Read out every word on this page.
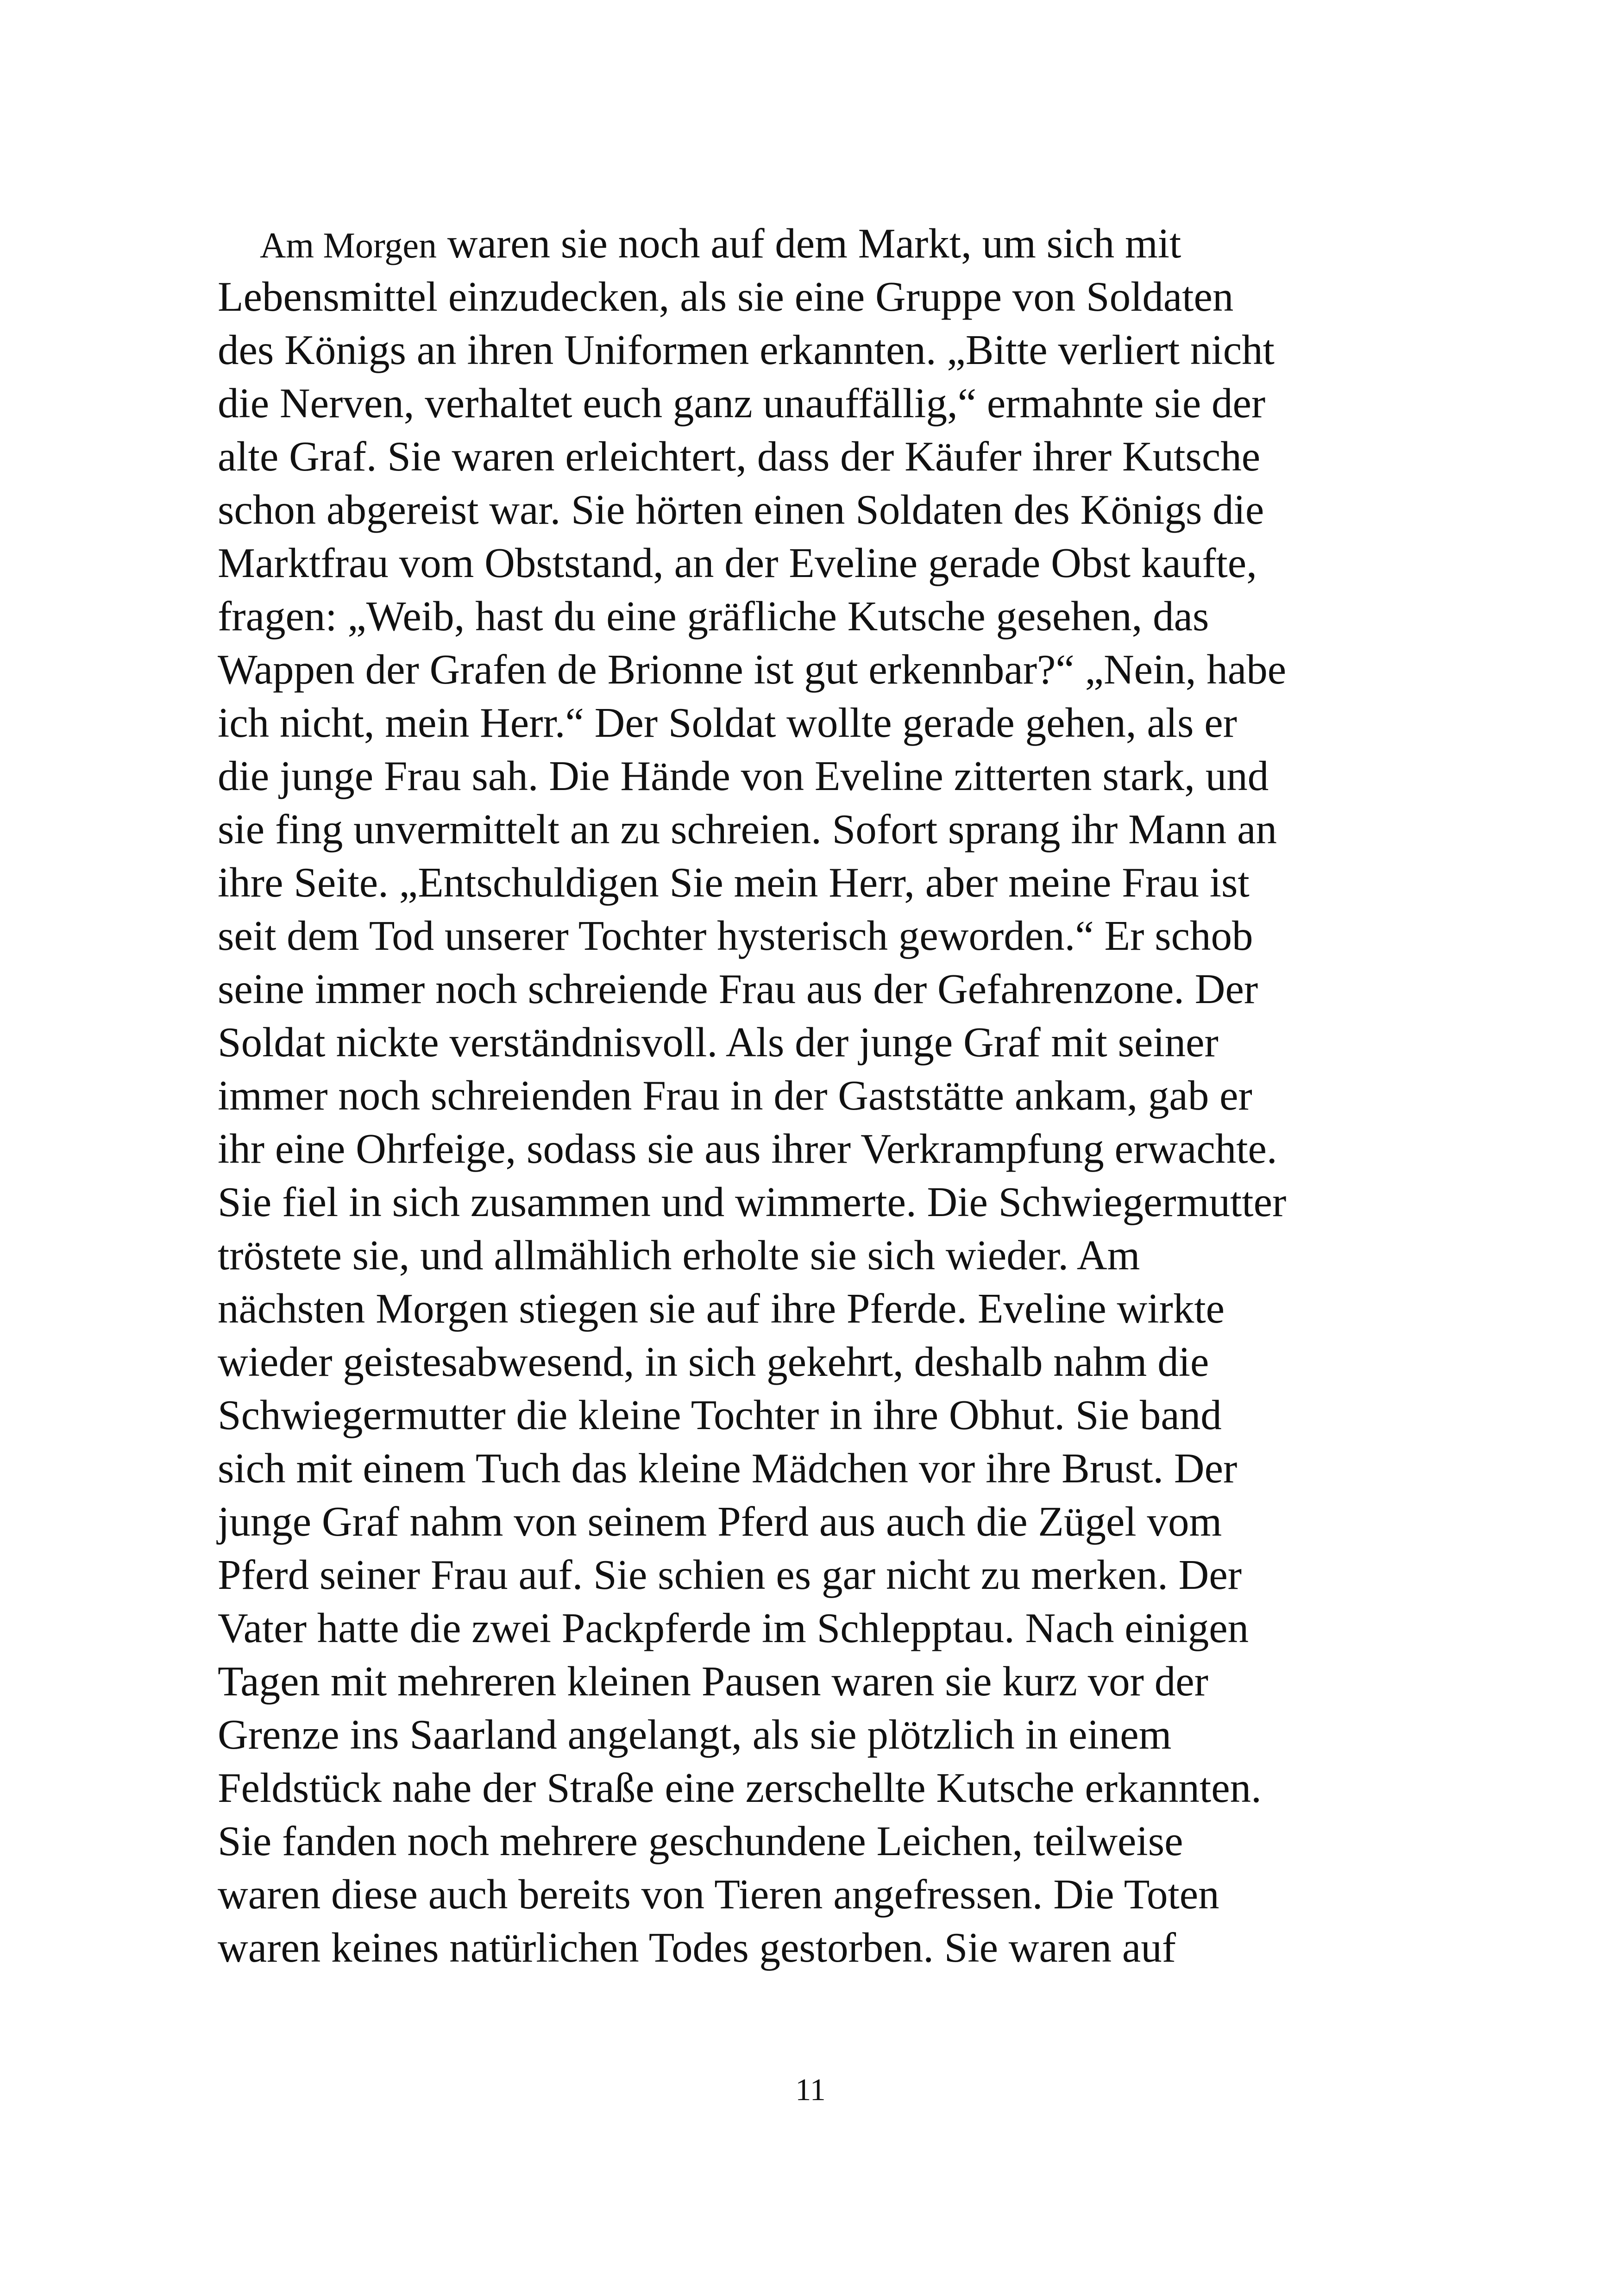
Am Morgen waren sie noch auf dem Markt, um sich mit
Lebensmittel einzudecken, als sie eine Gruppe von Soldaten
des Königs an ihren Uniformen erkannten. „Bitte verliert nicht
die Nerven, verhaltet euch ganz unauffällig,“ ermahnte sie der
alte Graf. Sie waren erleichtert, dass der Käufer ihrer Kutsche
schon abgereist war. Sie hörten einen Soldaten des Königs die
Marktfrau vom Obststand, an der Eveline gerade Obst kaufte,
fragen: „Weib, hast du eine gräfliche Kutsche gesehen, das
Wappen der Grafen de Brionne ist gut erkennbar?“ „Nein, habe
ich nicht, mein Herr.“ Der Soldat wollte gerade gehen, als er
die junge Frau sah. Die Hände von Eveline zitterten stark, und
sie fing unvermittelt an zu schreien. Sofort sprang ihr Mann an
ihre Seite. „Entschuldigen Sie mein Herr, aber meine Frau ist
seit dem Tod unserer Tochter hysterisch geworden.“ Er schob
seine immer noch schreiende Frau aus der Gefahrenzone. Der
Soldat nickte verständnisvoll. Als der junge Graf mit seiner
immer noch schreienden Frau in der Gaststätte ankam, gab er
ihr eine Ohrfeige, sodass sie aus ihrer Verkrampfung erwachte.
Sie fiel in sich zusammen und wimmerte. Die Schwiegermutter
tröstete sie, und allmählich erholte sie sich wieder. Am
nächsten Morgen stiegen sie auf ihre Pferde. Eveline wirkte
wieder geistesabwesend, in sich gekehrt, deshalb nahm die
Schwiegermutter die kleine Tochter in ihre Obhut. Sie band
sich mit einem Tuch das kleine Mädchen vor ihre Brust. Der
junge Graf nahm von seinem Pferd aus auch die Zügel vom
Pferd seiner Frau auf. Sie schien es gar nicht zu merken. Der
Vater hatte die zwei Packpferde im Schlepptau. Nach einigen
Tagen mit mehreren kleinen Pausen waren sie kurz vor der
Grenze ins Saarland angelangt, als sie plötzlich in einem
Feldstück nahe der Straße eine zerschellte Kutsche erkannten.
Sie fanden noch mehrere geschundene Leichen, teilweise
waren diese auch bereits von Tieren angefressen. Die Toten
waren keines natürlichen Todes gestorben. Sie waren auf
11
